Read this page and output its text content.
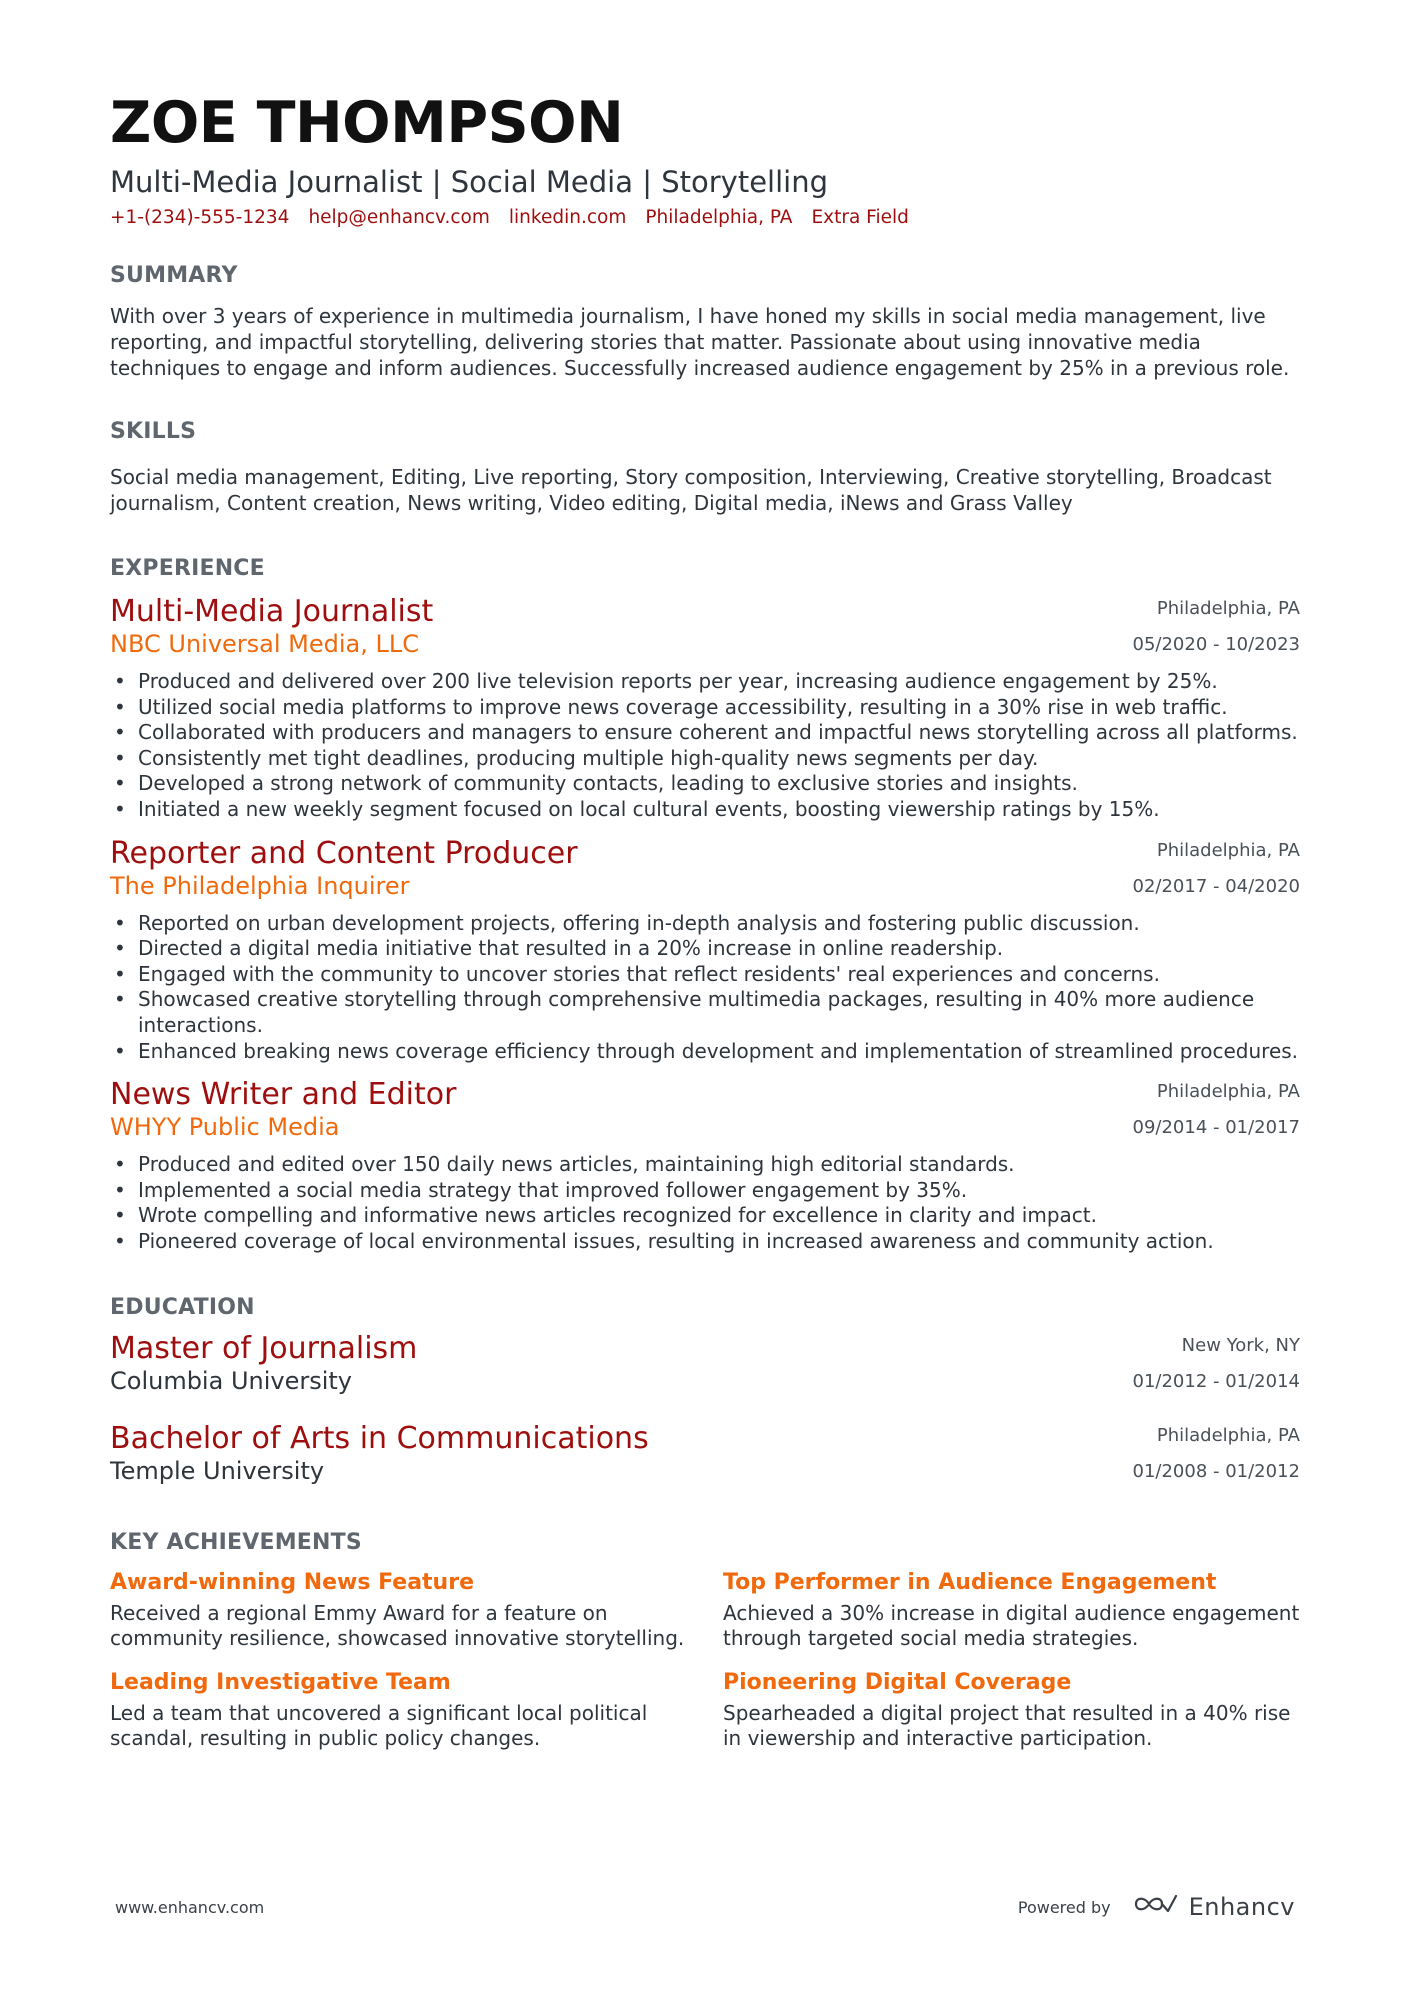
ZOE THOMPSON
Multi-Media Journalist | Social Media | Storytelling
+1-(234)-555-1234 help@enhancv.com linkedin.com Philadelphia, PA Extra Field
SUMMARY
With over 3 years of experience in multimedia journalism, I have honed my skills in social media management, live reporting, and impactful storytelling, delivering stories that matter. Passionate about using innovative media techniques to engage and inform audiences. Successfully increased audience engagement by 25% in a previous role.
SKILLS
Social media management, Editing, Live reporting, Story composition, Interviewing, Creative storytelling, Broadcast journalism, Content creation, News writing, Video editing, Digital media, iNews and Grass Valley
EXPERIENCE
Multi-Media Journalist
NBC Universal Media, LLC
Philadelphia, PA
05/2020 - 10/2023
• Produced and delivered over 200 live television reports per year, increasing audience engagement by 25%.
• Utilized social media platforms to improve news coverage accessibility, resulting in a 30% rise in web traffic.
• Collaborated with producers and managers to ensure coherent and impactful news storytelling across all platforms.
• Consistently met tight deadlines, producing multiple high-quality news segments per day.
• Developed a strong network of community contacts, leading to exclusive stories and insights.
• Initiated a new weekly segment focused on local cultural events, boosting viewership ratings by 15%.
Reporter and Content Producer
The Philadelphia Inquirer
Philadelphia, PA
02/2017 - 04/2020
• Reported on urban development projects, offering in-depth analysis and fostering public discussion.
• Directed a digital media initiative that resulted in a 20% increase in online readership.
• Engaged with the community to uncover stories that reflect residents' real experiences and concerns.
• Showcased creative storytelling through comprehensive multimedia packages, resulting in 40% more audience interactions.
• Enhanced breaking news coverage efficiency through development and implementation of streamlined procedures.
News Writer and Editor
WHYY Public Media
Philadelphia, PA
09/2014 - 01/2017
• Produced and edited over 150 daily news articles, maintaining high editorial standards.
• Implemented a social media strategy that improved follower engagement by 35%.
• Wrote compelling and informative news articles recognized for excellence in clarity and impact.
• Pioneered coverage of local environmental issues, resulting in increased awareness and community action.
EDUCATION
Master of Journalism
Columbia University
New York, NY
01/2012 - 01/2014
Bachelor of Arts in Communications
Temple University
Philadelphia, PA
01/2008 - 01/2012
KEY ACHIEVEMENTS
Award-winning News Feature
Received a regional Emmy Award for a feature on community resilience, showcased innovative storytelling.
Top Performer in Audience Engagement
Achieved a 30% increase in digital audience engagement through targeted social media strategies.
Leading Investigative Team
Led a team that uncovered a significant local political scandal, resulting in public policy changes.
Pioneering Digital Coverage
Spearheaded a digital project that resulted in a 40% rise in viewership and interactive participation.
www.enhancv.com	Powered by	Enhancv
